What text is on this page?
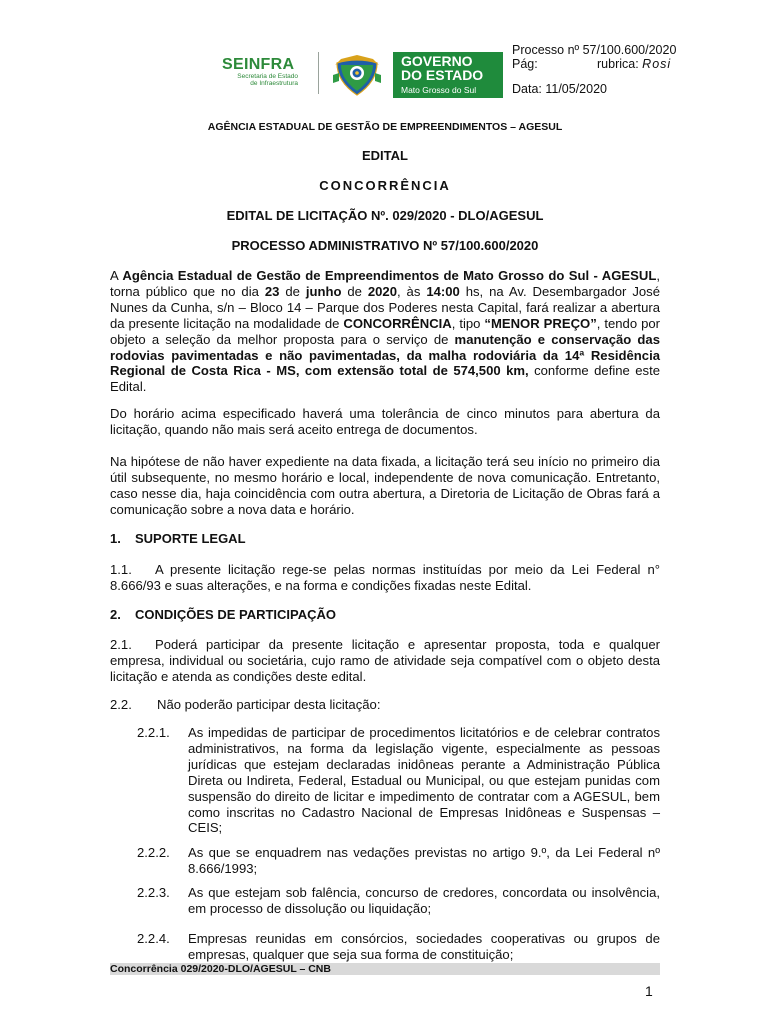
SEINFRA
Secretaria de Estado
de Infraestrutura
GOVERNO
DO ESTADO
Mato Grosso do Sul
Processo nº 57/100.600/2020
Pág:	rubrica: Rosi
Data: 11/05/2020
AGÊNCIA ESTADUAL DE GESTÃO DE EMPREENDIMENTOS – AGESUL
EDITAL
CONCORRÊNCIA
EDITAL DE LICITAÇÃO Nº. 029/2020 - DLO/AGESUL
PROCESSO ADMINISTRATIVO Nº 57/100.600/2020
A Agência Estadual de Gestão de Empreendimentos de Mato Grosso do Sul - AGESUL, torna público que no dia 23 de junho de 2020, às 14:00 hs, na Av. Desembargador José Nunes da Cunha, s/n – Bloco 14 – Parque dos Poderes nesta Capital, fará realizar a abertura da presente licitação na modalidade de CONCORRÊNCIA, tipo “MENOR PREÇO”, tendo por objeto a seleção da melhor proposta para o serviço de manutenção e conservação das rodovias pavimentadas e não pavimentadas, da malha rodoviária da 14ª Residência Regional de Costa Rica - MS, com extensão total de 574,500 km, conforme define este Edital.
Do horário acima especificado haverá uma tolerância de cinco minutos para abertura da licitação, quando não mais será aceito entrega de documentos.
Na hipótese de não haver expediente na data fixada, a licitação terá seu início no primeiro dia útil subsequente, no mesmo horário e local, independente de nova comunicação. Entretanto, caso nesse dia, haja coincidência com outra abertura, a Diretoria de Licitação de Obras fará a comunicação sobre a nova data e horário.
1.	SUPORTE LEGAL
1.1. A presente licitação rege-se pelas normas instituídas por meio da Lei Federal n° 8.666/93 e suas alterações, e na forma e condições fixadas neste Edital.
2.	CONDIÇÕES DE PARTICIPAÇÃO
2.1. Poderá participar da presente licitação e apresentar proposta, toda e qualquer empresa, individual ou societária, cujo ramo de atividade seja compatível com o objeto desta licitação e atenda as condições deste edital.
2.2.	Não poderão participar desta licitação:
2.2.1.	As impedidas de participar de procedimentos licitatórios e de celebrar contratos administrativos, na forma da legislação vigente, especialmente as pessoas jurídicas que estejam declaradas inidôneas perante a Administração Pública Direta ou Indireta, Federal, Estadual ou Municipal, ou que estejam punidas com suspensão do direito de licitar e impedimento de contratar com a AGESUL, bem como inscritas no Cadastro Nacional de Empresas Inidôneas e Suspensas – CEIS;
2.2.2.	As que se enquadrem nas vedações previstas no artigo 9.º, da Lei Federal nº 8.666/1993;
2.2.3.	As que estejam sob falência, concurso de credores, concordata ou insolvência, em processo de dissolução ou liquidação;
2.2.4.	Empresas reunidas em consórcios, sociedades cooperativas ou grupos de empresas, qualquer que seja sua forma de constituição;
Concorrência 029/2020-DLO/AGESUL – CNB
1
